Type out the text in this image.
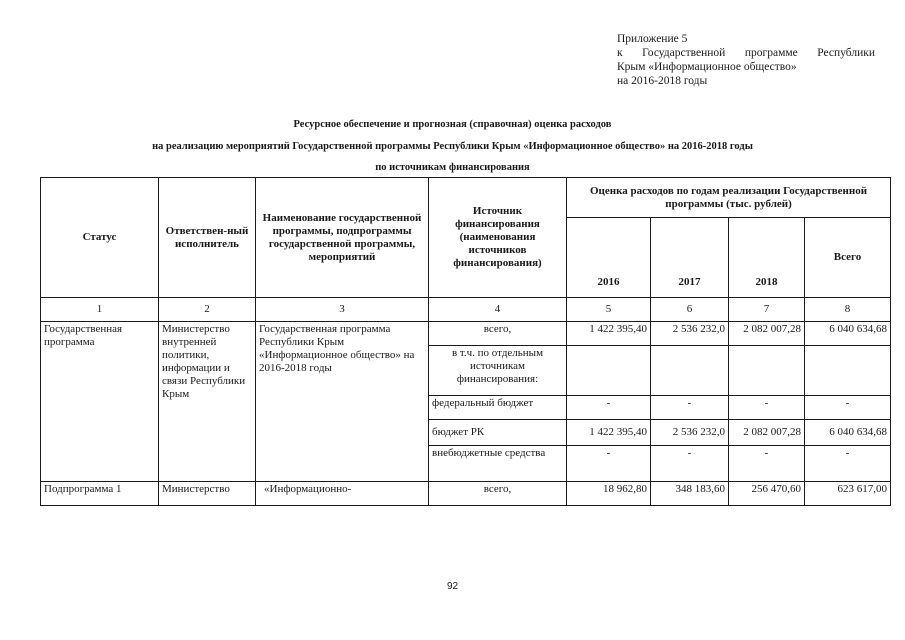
Приложение 5
к Государственной программе Республики
Крым «Информационное общество»
на 2016-2018 годы
Ресурсное обеспечение и прогнозная (справочная) оценка расходов
на реализацию мероприятий Государственной программы Республики Крым «Информационное общество» на 2016-2018 годы
по источникам финансирования
Статус	Ответствен-ный исполнитель	Наименование государственной программы, подпрограммы государственной программы, мероприятий	Источник финансирования (наименования источников финансирования)	Оценка расходов по годам реализации Государственной программы (тыс. рублей)			
				2016	2017	2018	Всего
1	2	3	4	5	6	7	8
Государственная программа	Министерство внутренней политики, информации и связи Республики Крым	Государственная программа Республики Крым «Информационное общество» на 2016-2018 годы	всего,	1 422 395,40	2 536 232,0	2 082 007,28	6 040 634,68
			в т.ч. по отдельным источникам финансирования:				
			федеральный бюджет	-	-	-	-
			бюджет РК	1 422 395,40	2 536 232,0	2 082 007,28	6 040 634,68
			внебюджетные средства	-	-	-	-
Подпрограмма 1	Министерство	«Информационно-	всего,	18 962,80	348 183,60	256 470,60	623 617,00
92
